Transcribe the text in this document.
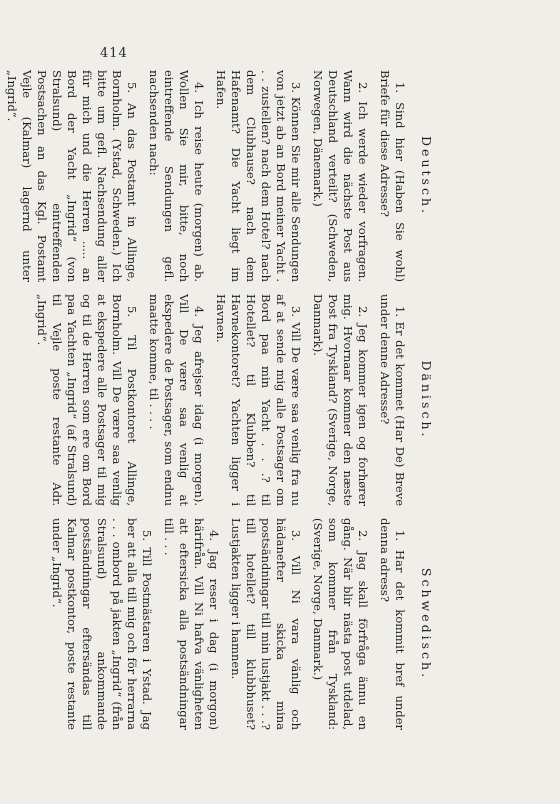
414
Deutsch.

1. Sind hier (Haben Sie wohl) Briefe für diese Adresse?

2. Ich werde wieder vorfragen. Wann wird die nächste Post aus Deutschland verteilt? (Schweden, Norwegen, Dänemark.)

3. Können Sie mir alle Sendungen von jetzt ab an Bord meiner Yacht . . . zustellen? nach dem Hotel? nach dem Clubhause? nach dem Hafenamt? Die Yacht liegt im Hafen.

4. Ich reise heute (morgen) ab. Wollen Sie mir, bitte, noch eintreffende Sendungen gefl. nachsenden nach:

5. An das Postamt in Allinge, Bornholm. (Ystad, Schweden.) Ich bitte um gefl. Nachsendung aller für mich und die Herren ..... an Bord der Yacht „Ingrid“ (von Stralsund) eintreffenden Postsachen an das Kgl. Postamt Vejle (Kalmar) lagernd unter „Ingrid“.

Dänisch.

1. Er det kommet (Har De) Breve under denne Adresse?

2. Jeg kommer igen og forhører mig. Hvornaar kommer den næste Post fra Tyskland? (Sverige, Norge, Danmark).

3. Vill De være saa venlig fra nu af at sende mig alle Postsager om Bord paa min Yacht . . .? til Hotellet? til Klubben? til Havnekontoret? Yachten ligger i Havnen.

4. Jeg afrejser idag (i morgen). Vill De være saa venlig at ekspedere de Postsager, som endnu maatte komme, til . . . .

5. Til Postkontoret Allinge, Bornholm. Vill De være saa venlig at ekspedere alle Postsager til mig og til de Herren som ere om Bord paa Yachten „Ingrid“ (af Stralsund) til Vejle poste restante Adr. „Ingrid“.

Schwedisch.

1. Har det kommit bref under denna adress?

2. Jag skall förfråga ännu en gång. När blir nästa post utdelad, som kommer från Tyskland: (Sverige, Norge, Danmark.)

3. Vill Ni vara vänlig och hädanefter skicka mina postsändningar till min lustjakt . . .? till hotellet? till klubbhuset? Lustjakten ligger i hamnen.

4. Jag reser i dag (i morgon) härifrån. Vill Ni hafva vänligheten att eftersicka alla postsändningar till . . .

5. Till Postmästaren i Ystad. Jag ber att alla till mig och för herrarna . . . ombord på jakten „Ingrid“ (från Stralsund) ankommande postsändningar eftersändas till Kalmar postkontor, poste restante under „Ingrid“.
